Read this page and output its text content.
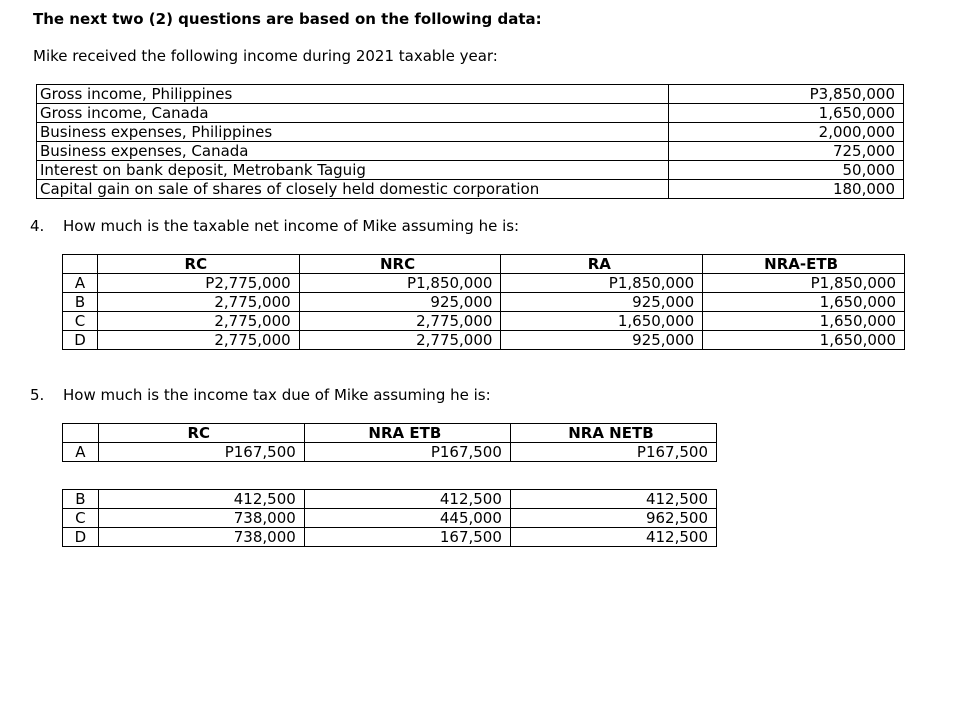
The next two (2) questions are based on the following data:
Mike received the following income during 2021 taxable year:
Gross income, Philippines	P3,850,000
Gross income, Canada	1,650,000
Business expenses, Philippines	2,000,000
Business expenses, Canada	725,000
Interest on bank deposit, Metrobank Taguig	50,000
Capital gain on sale of shares of closely held domestic corporation	180,000
4. How much is the taxable net income of Mike assuming he is:
	RC	NRC	RA	NRA-ETB
A	P2,775,000	P1,850,000	P1,850,000	P1,850,000
B	2,775,000	925,000	925,000	1,650,000
C	2,775,000	2,775,000	1,650,000	1,650,000
D	2,775,000	2,775,000	925,000	1,650,000
5. How much is the income tax due of Mike assuming he is:
	RC	NRA ETB	NRA NETB
A	P167,500	P167,500	P167,500
B	412,500	412,500	412,500
C	738,000	445,000	962,500
D	738,000	167,500	412,500
